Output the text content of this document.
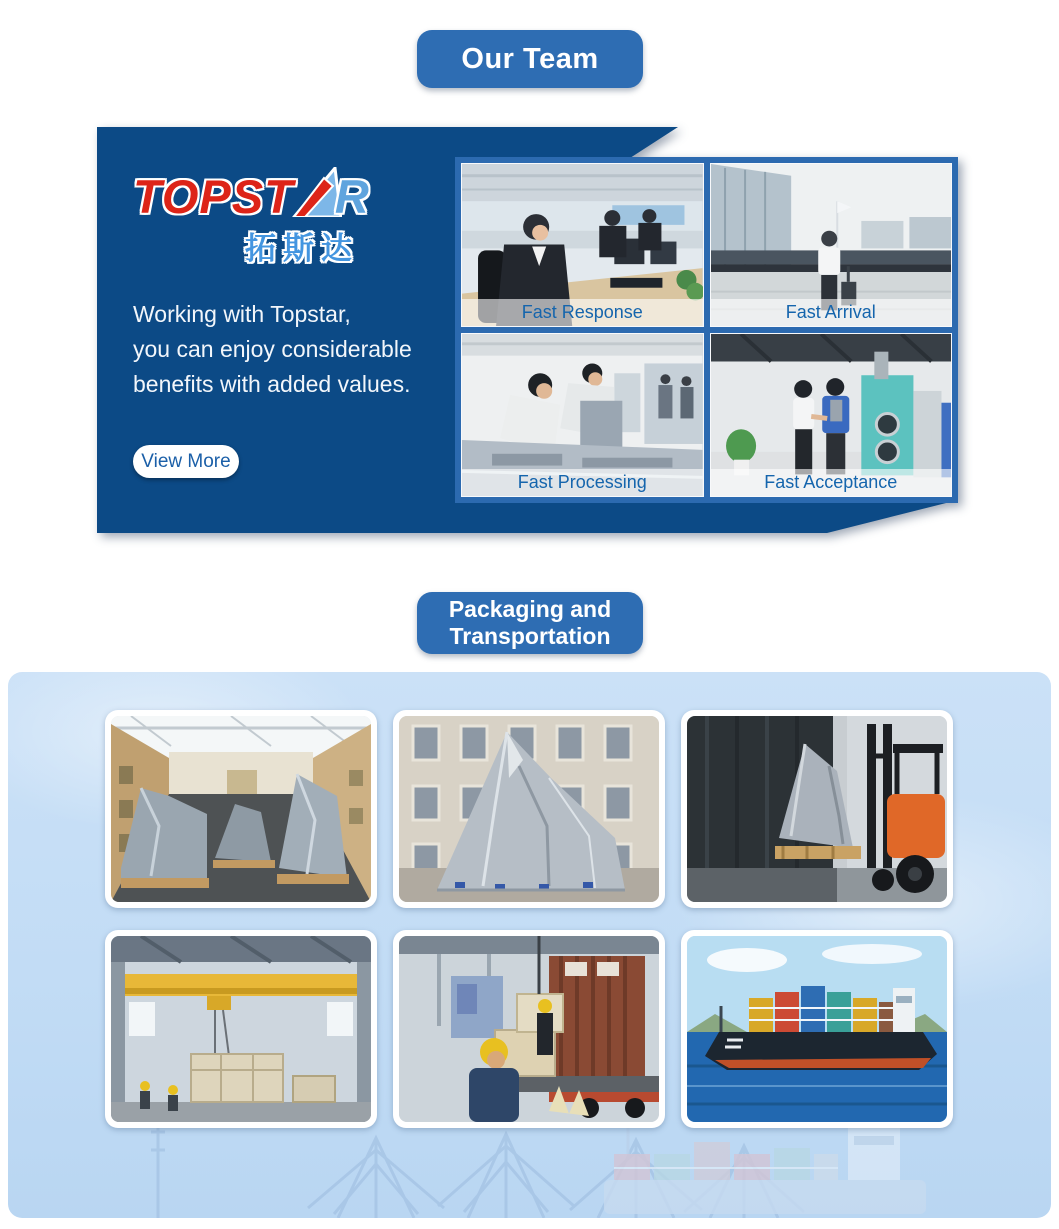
Our Team
TOPST R
拓斯达
Working with Topstar,
you can enjoy considerable
benefits with added values.
View More
Fast Response	Fast Arrival
Fast Processing	Fast Acceptance
Packaging and
Transportation
